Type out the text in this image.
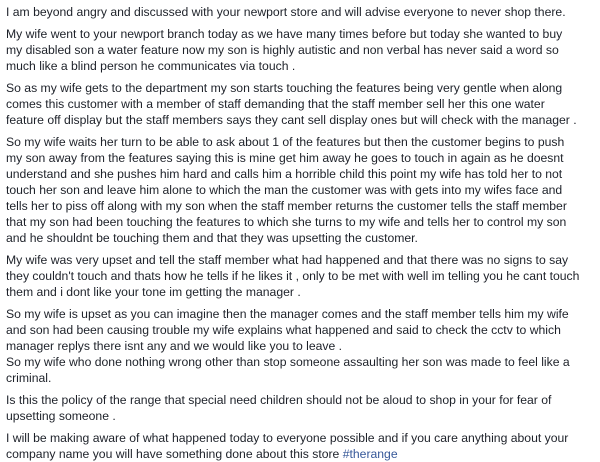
I am beyond angry and discussed with your newport store and will advise everyone to never shop there.

My wife went to your newport branch today as we have many times before but today she wanted to buy
my disabled son a water feature now my son is highly autistic and non verbal has never said a word so
much like a blind person he communicates via touch .

So as my wife gets to the department my son starts touching the features being very gentle when along
comes this customer with a member of staff demanding that the staff member sell her this one water
feature off display but the staff members says they cant sell display ones but will check with the manager .

So my wife waits her turn to be able to ask about 1 of the features but then the customer begins to push
my son away from the features saying this is mine get him away he goes to touch in again as he doesnt
understand and she pushes him hard and calls him a horrible child this point my wife has told her to not
touch her son and leave him alone to which the man the customer was with gets into my wifes face and
tells her to piss off along with my son when the staff member returns the customer tells the staff member
that my son had been touching the features to which she turns to my wife and tells her to control my son
and he shouldnt be touching them and that they was upsetting the customer.

My wife was very upset and tell the staff member what had happened and that there was no signs to say
they couldn't touch and thats how he tells if he likes it , only to be met with well im telling you he cant touch
them and i dont like your tone im getting the manager .

So my wife is upset as you can imagine then the manager comes and the staff member tells him my wife
and son had been causing trouble my wife explains what happened and said to check the cctv to which
manager replys there isnt any and we would like you to leave .
So my wife who done nothing wrong other than stop someone assaulting her son was made to feel like a
criminal.

Is this the policy of the range that special need children should not be aloud to shop in your for fear of
upsetting someone .

I will be making aware of what happened today to everyone possible and if you care anything about your
company name you will have something done about this store #therange
